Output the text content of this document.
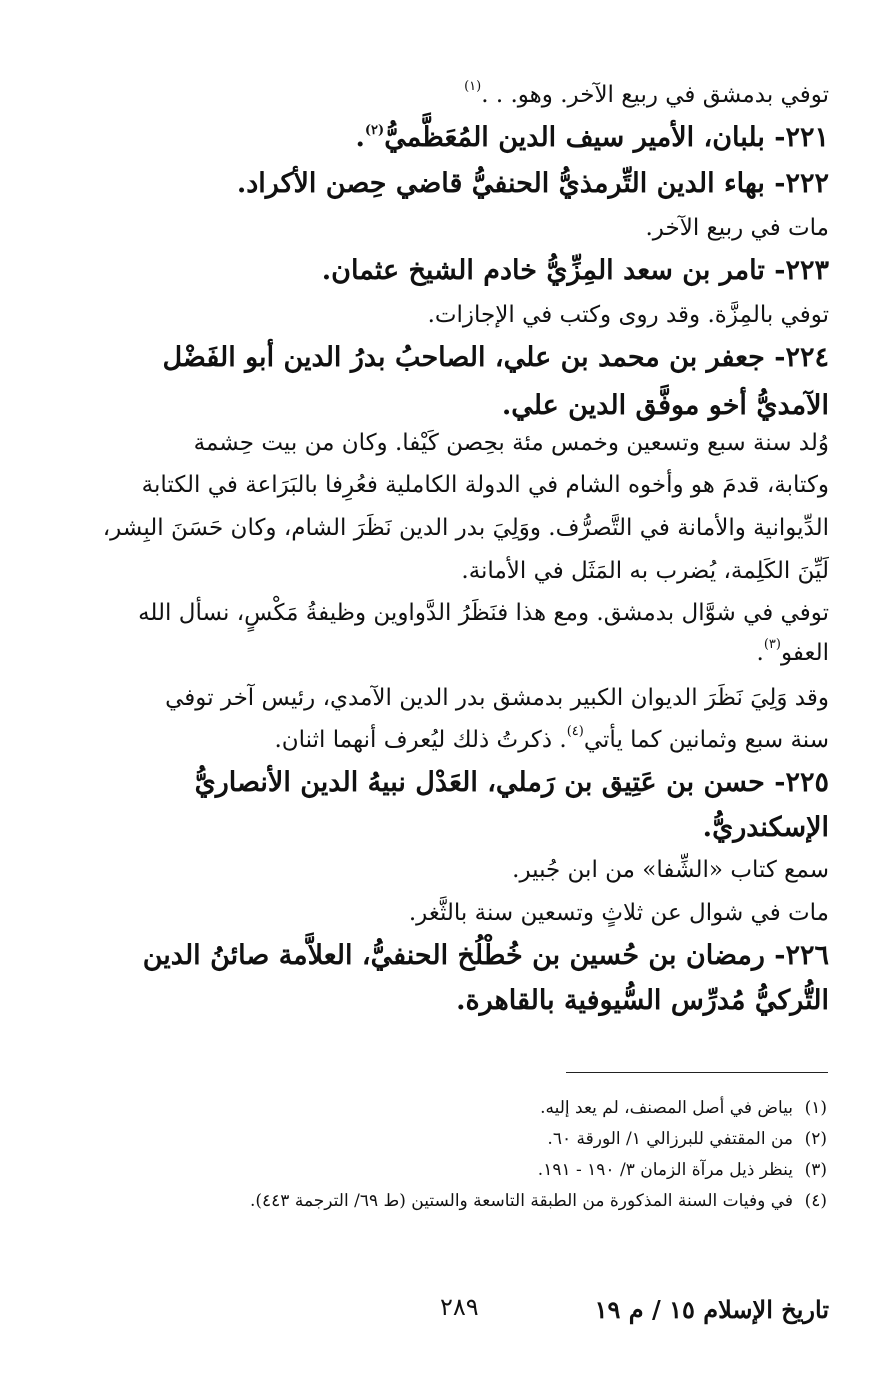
توفي بدمشق في ربيع الآخر. وهو. . .$^{(١)}$
٢٢١- بلبان، الأمير سيف الدين المُعَظَّميُّ$^{(٢)}$.
٢٢٢- بهاء الدين التِّرمذيُّ الحنفيُّ قاضي حِصن الأكراد.
مات في ربيع الآخر.
٢٢٣- تامر بن سعد المِزِّيُّ خادم الشيخ عثمان.
توفي بالمِزَّة. وقد روى وكتب في الإجازات.
٢٢٤- جعفر بن محمد بن علي، الصاحبُ بدرُ الدين أبو الفَضْل
الآمديُّ أخو موفَّق الدين علي.
وُلد سنة سبع وتسعين وخمس مئة بحِصن كَيْفا. وكان من بيت حِشمة
وكتابة، قدمَ هو وأخوه الشام في الدولة الكاملية فعُرِفا بالبَرَاعة في الكتابة
الدِّيوانية والأمانة في التَّصرُّف. ووَلِيَ بدر الدين نَظَرَ الشام، وكان حَسَنَ البِشر،
لَيِّنَ الكَلِمة، يُضرب به المَثَل في الأمانة.
توفي في شوَّال بدمشق. ومع هذا فنَظَرُ الدَّواوين وظيفةُ مَكْسٍ، نسأل الله
العفو$^{(٣)}$.
وقد وَلِيَ نَظَرَ الديوان الكبير بدمشق بدر الدين الآمدي، رئيس آخر توفي
سنة سبع وثمانين كما يأتي$^{(٤)}$. ذكرتُ ذلك ليُعرف أنهما اثنان.
٢٢٥- حسن بن عَتِيق بن رَملي، العَدْل نبيهُ الدين الأنصاريُّ
الإسكندريُّ.
سمع كتاب «الشِّفا» من ابن جُبير.
مات في شوال عن ثلاثٍ وتسعين سنة بالثَّغر.
٢٢٦- رمضان بن حُسين بن خُطْلُخ الحنفيُّ، العلاَّمة صائنُ الدين
التُّركيُّ مُدرِّس السُّيوفية بالقاهرة.
(١)بياض في أصل المصنف، لم يعد إليه.
(٢)من المقتفي للبرزالي ١/ الورقة ٦٠.
(٣)ينظر ذيل مرآة الزمان ٣/ ١٩٠ - ١٩١.
(٤)في وفيات السنة المذكورة من الطبقة التاسعة والستين (ط ٦٩/ الترجمة ٤٤٣).
تاريخ الإسلام ١٥ / م ١٩
٢٨٩
